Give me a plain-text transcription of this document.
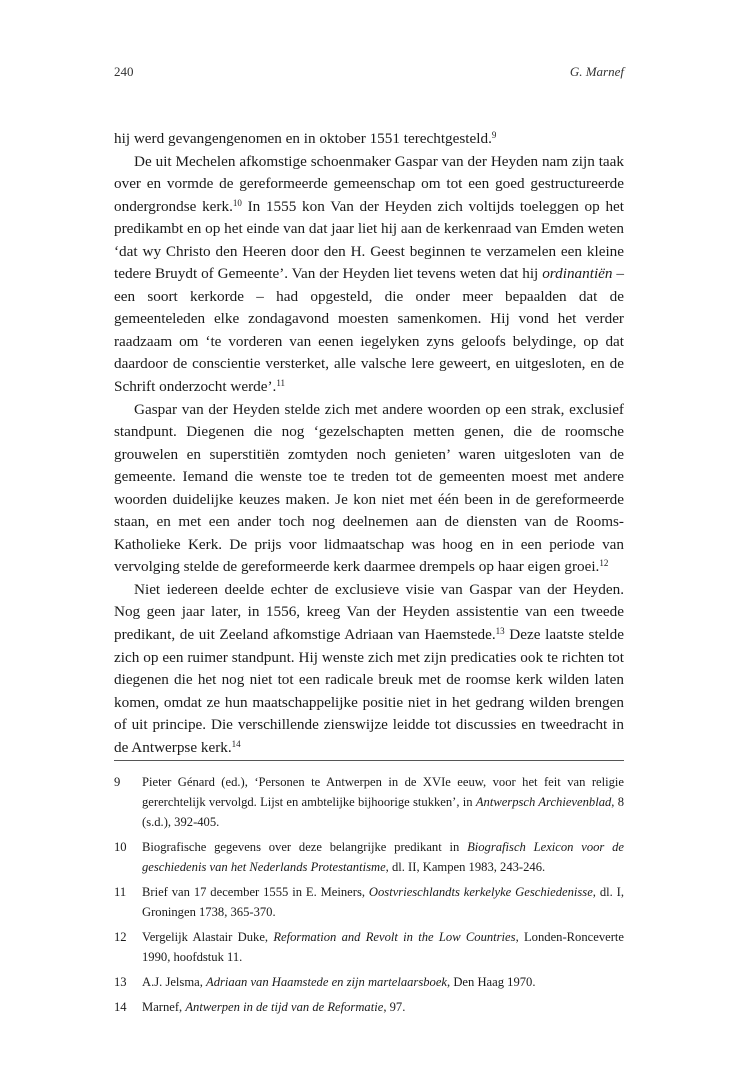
240	G. Marnef

hij werd gevangengenomen en in oktober 1551 terechtgesteld.$^9$

De uit Mechelen afkomstige schoenmaker Gaspar van der Heyden nam zijn taak over en vormde de gereformeerde gemeenschap om tot een goed gestructureerde ondergrondse kerk.$^{10}$ In 1555 kon Van der Heyden zich voltijds toeleggen op het predikambt en op het einde van dat jaar liet hij aan de kerkenraad van Emden weten ‘dat wy Christo den Heeren door den H. Geest beginnen te verzamelen een kleine tedere Bruydt of Gemeente’. Van der Heyden liet tevens weten dat hij ordinantiën – een soort kerkorde – had opgesteld, die onder meer bepaalden dat de gemeenteleden elke zondagavond moesten samenkomen. Hij vond het verder raadzaam om ‘te vorderen van eenen iegelyken zyns geloofs belydinge, op dat daardoor de conscientie versterket, alle valsche lere geweert, en uitgesloten, en de Schrift onderzocht werde’.$^{11}$

Gaspar van der Heyden stelde zich met andere woorden op een strak, exclusief standpunt. Diegenen die nog ‘gezelschapten metten genen, die de roomsche grouwelen en superstitiën zomtyden noch genieten’ waren uitgesloten van de gemeente. Iemand die wenste toe te treden tot de gemeenten moest met andere woorden duidelijke keuzes maken. Je kon niet met één been in de gereformeerde staan, en met een ander toch nog deelnemen aan de diensten van de Rooms-Katholieke Kerk. De prijs voor lidmaatschap was hoog en in een periode van vervolging stelde de gereformeerde kerk daarmee drempels op haar eigen groei.$^{12}$

Niet iedereen deelde echter de exclusieve visie van Gaspar van der Heyden. Nog geen jaar later, in 1556, kreeg Van der Heyden assistentie van een tweede predikant, de uit Zeeland afkomstige Adriaan van Haemstede.$^{13}$ Deze laatste stelde zich op een ruimer standpunt. Hij wenste zich met zijn predicaties ook te richten tot diegenen die het nog niet tot een radicale breuk met de roomse kerk wilden laten komen, omdat ze hun maatschappelijke positie niet in het gedrang wilden brengen of uit principe. Die verschillende zienswijze leidde tot discussies en tweedracht in de Antwerpse kerk.$^{14}$

9 Pieter Génard (ed.), ‘Personen te Antwerpen in de XVIe eeuw, voor het feit van religie gererchtelijk vervolgd. Lijst en ambtelijke bijhoorige stukken’, in Antwerpsch Archievenblad, 8 (s.d.), 392-405.
10 Biografische gegevens over deze belangrijke predikant in Biografisch Lexicon voor de geschiedenis van het Nederlands Protestantisme, dl. II, Kampen 1983, 243-246.
11 Brief van 17 december 1555 in E. Meiners, Oostvrieschlandts kerkelyke Geschiedenisse, dl. I, Groningen 1738, 365-370.
12 Vergelijk Alastair Duke, Reformation and Revolt in the Low Countries, Londen-Ronceverte 1990, hoofdstuk 11.
13 A.J. Jelsma, Adriaan van Haamstede en zijn martelaarsboek, Den Haag 1970.
14 Marnef, Antwerpen in de tijd van de Reformatie, 97.
